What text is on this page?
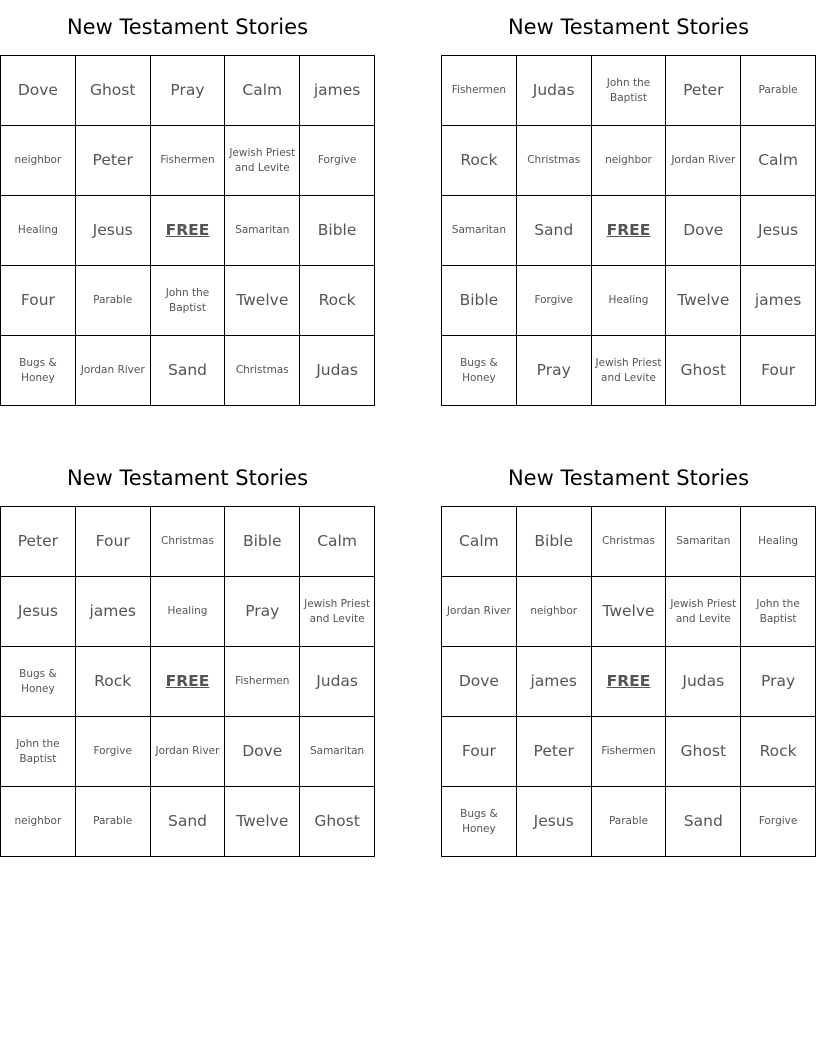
New Testament Stories
Dove	Ghost	Pray	Calm	james
neighbor	Peter	Fishermen	Jewish Priest and Levite	Forgive
Healing	Jesus	FREE	Samaritan	Bible
Four	Parable	John the Baptist	Twelve	Rock
Bugs & Honey	Jordan River	Sand	Christmas	Judas
New Testament Stories
Fishermen	Judas	John the Baptist	Peter	Parable
Rock	Christmas	neighbor	Jordan River	Calm
Samaritan	Sand	FREE	Dove	Jesus
Bible	Forgive	Healing	Twelve	james
Bugs & Honey	Pray	Jewish Priest and Levite	Ghost	Four
New Testament Stories
Peter	Four	Christmas	Bible	Calm
Jesus	james	Healing	Pray	Jewish Priest and Levite
Bugs & Honey	Rock	FREE	Fishermen	Judas
John the Baptist	Forgive	Jordan River	Dove	Samaritan
neighbor	Parable	Sand	Twelve	Ghost
New Testament Stories
Calm	Bible	Christmas	Samaritan	Healing
Jordan River	neighbor	Twelve	Jewish Priest and Levite	John the Baptist
Dove	james	FREE	Judas	Pray
Four	Peter	Fishermen	Ghost	Rock
Bugs & Honey	Jesus	Parable	Sand	Forgive
